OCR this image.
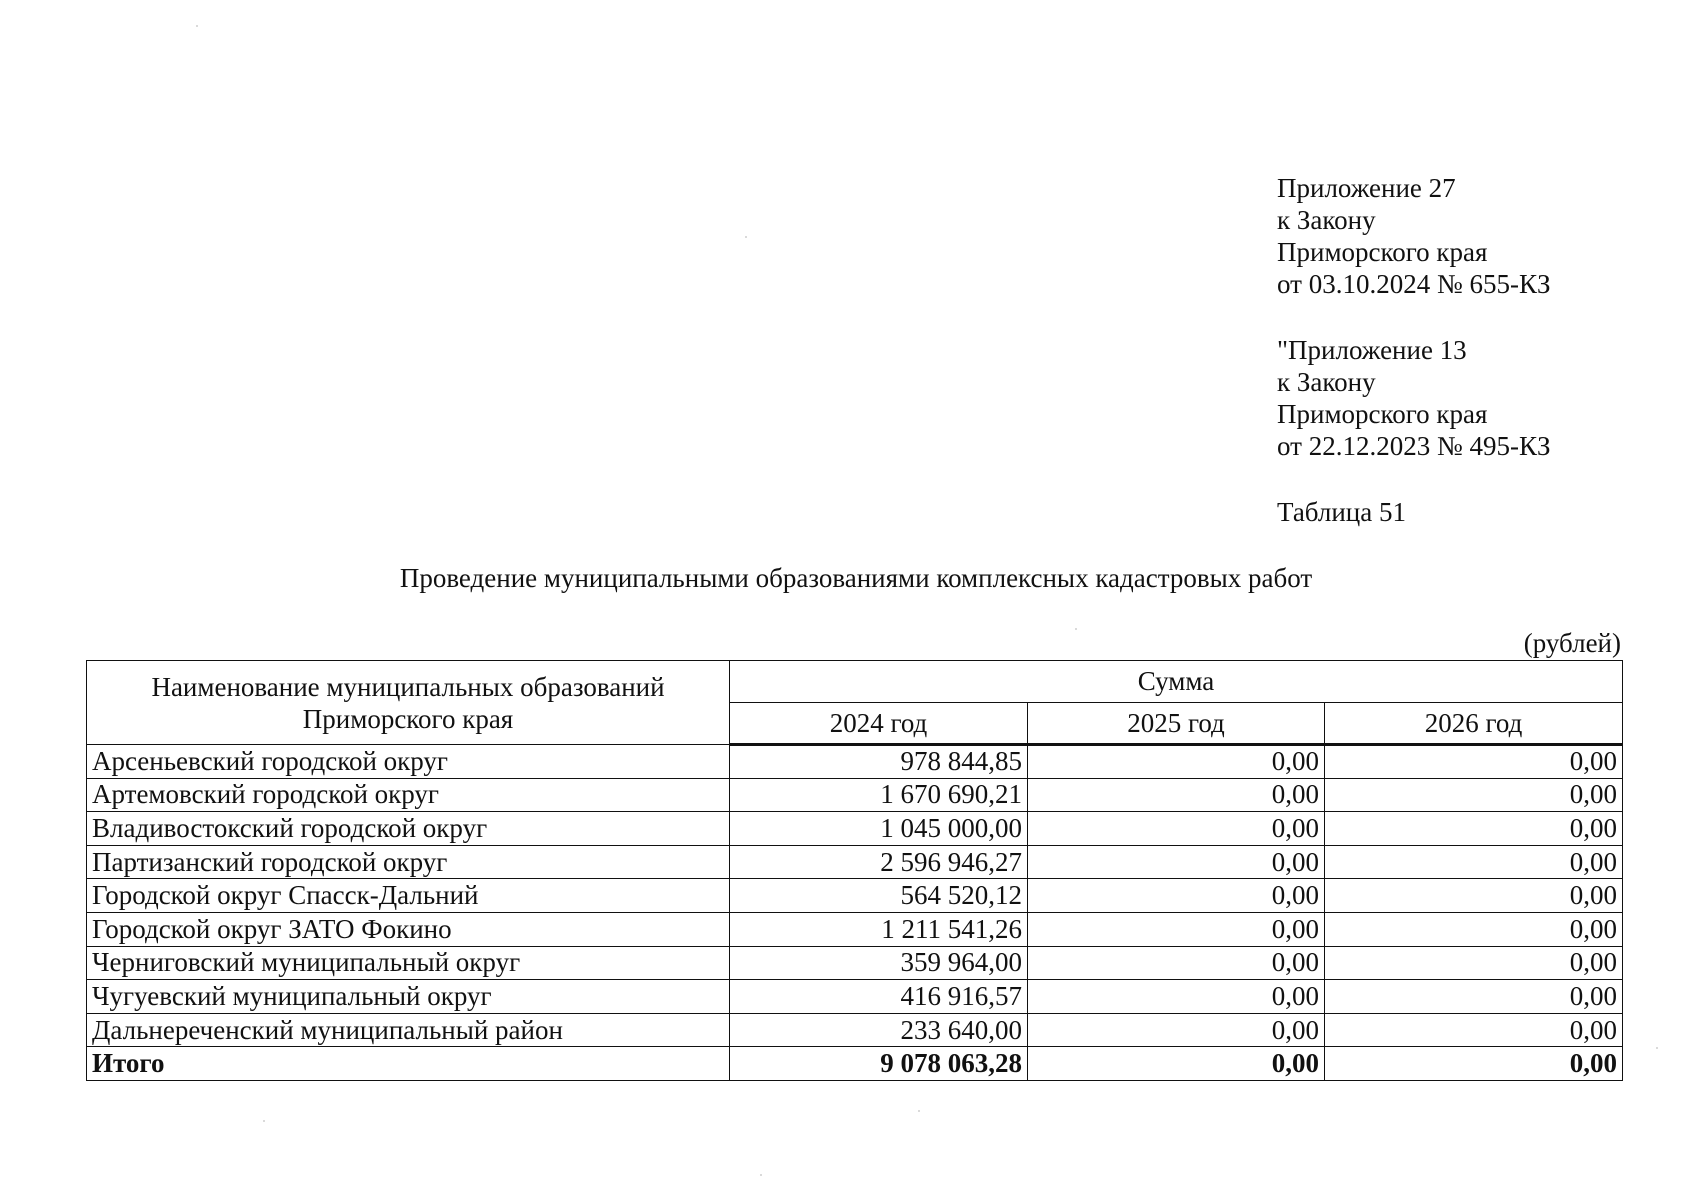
Приложение 27
к Закону
Приморского края
от 03.10.2024 № 655-КЗ
"Приложение 13
к Закону
Приморского края
от 22.12.2023 № 495-КЗ
Таблица 51
Проведение муниципальными образованиями комплексных кадастровых работ
(рублей)
Наименование муниципальных образований
Приморского края	Сумма		
	2024 год	2025 год	2026 год
Арсеньевский городской округ	978 844,85	0,00	0,00
Артемовский городской округ	1 670 690,21	0,00	0,00
Владивостокский городской округ	1 045 000,00	0,00	0,00
Партизанский городской округ	2 596 946,27	0,00	0,00
Городской округ Спасск-Дальний	564 520,12	0,00	0,00
Городской округ ЗАТО Фокино	1 211 541,26	0,00	0,00
Черниговский муниципальный округ	359 964,00	0,00	0,00
Чугуевский муниципальный округ	416 916,57	0,00	0,00
Дальнереченский муниципальный район	233 640,00	0,00	0,00
Итого	9 078 063,28	0,00	0,00
